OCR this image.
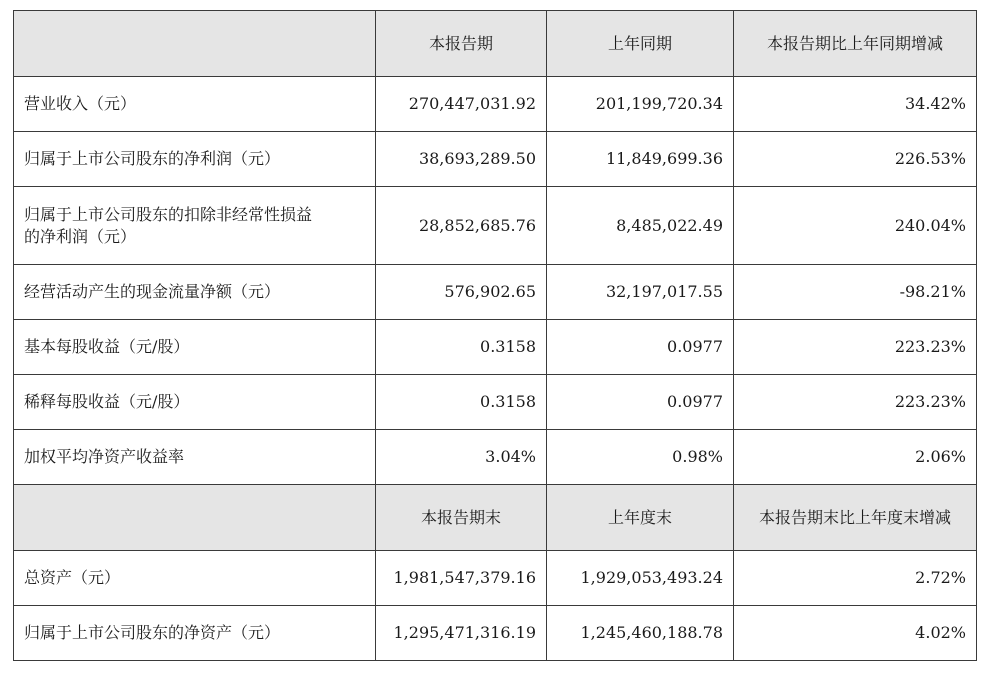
	本报告期	上年同期	本报告期比上年同期增减
营业收入（元）	270,447,031.92	201,199,720.34	34.42%
归属于上市公司股东的净利润（元）	38,693,289.50	11,849,699.36	226.53%
归属于上市公司股东的扣除非经常性损益
的净利润（元）	28,852,685.76	8,485,022.49	240.04%
经营活动产生的现金流量净额（元）	576,902.65	32,197,017.55	-98.21%
基本每股收益（元/股）	0.3158	0.0977	223.23%
稀释每股收益（元/股）	0.3158	0.0977	223.23%
加权平均净资产收益率	3.04%	0.98%	2.06%
	本报告期末	上年度末	本报告期末比上年度末增减
总资产（元）	1,981,547,379.16	1,929,053,493.24	2.72%
归属于上市公司股东的净资产（元）	1,295,471,316.19	1,245,460,188.78	4.02%
